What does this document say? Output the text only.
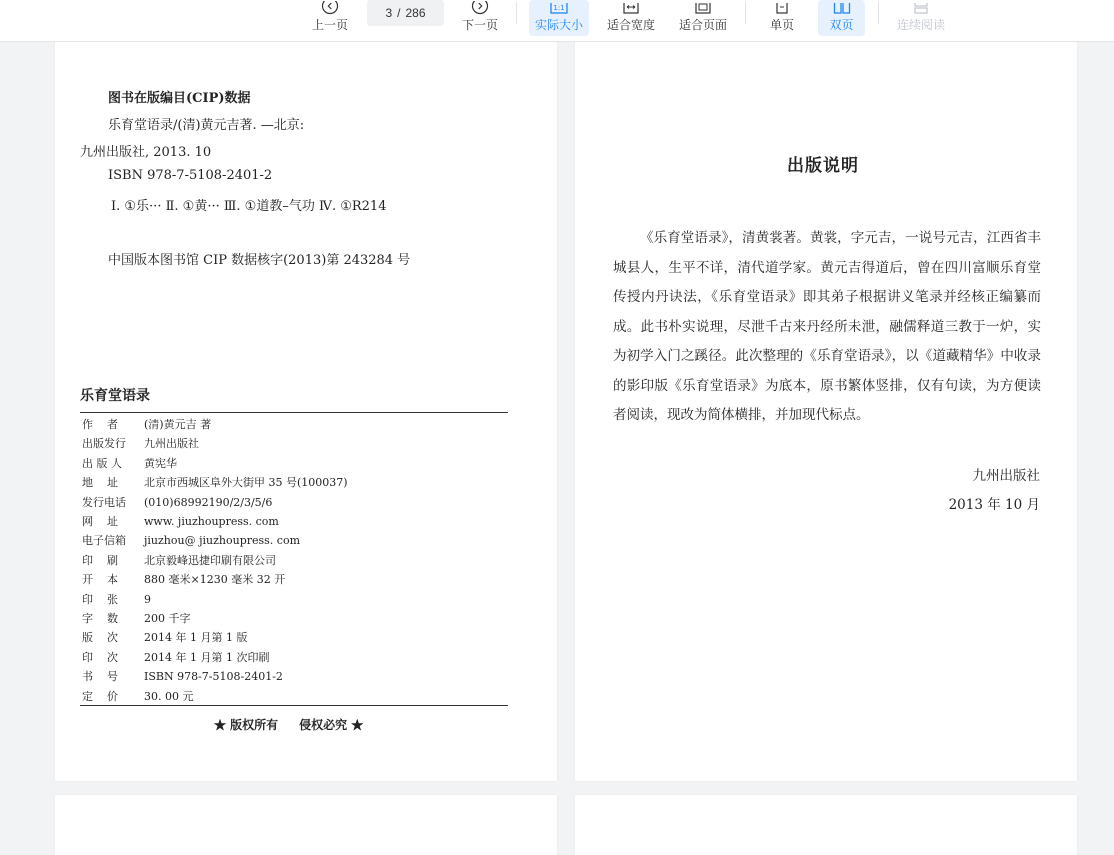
上一页
3 / 286
下一页
1:1
实际大小 适合宽度 适合页面	单页	双页	连续阅读
图书在版编目(CIP)数据
乐育堂语录/(清)黄元吉著. —北京:
九州出版社, 2013. 10
ISBN 978-7-5108-2401-2
Ⅰ. ①乐··· Ⅱ. ①黄··· Ⅲ. ①道教–气功 Ⅳ. ①R214
中国版本图书馆 CIP 数据核字(2013)第 243284 号
乐育堂语录
作    者 (清)黄元吉 著
出版发行 九州出版社
出 版 人 黄宪华
地    址 北京市西城区阜外大街甲 35 号(100037)
发行电话 (010)68992190/2/3/5/6
网    址 www. jiuzhoupress. com
电子信箱 jiuzhou@ jiuzhoupress. com
印    刷 北京毅峰迅捷印刷有限公司
开    本 880 毫米×1230 毫米 32 开
印    张 9
字    数 200 千字
版    次 2014 年 1 月第 1 版
印    次 2014 年 1 月第 1 次印刷
书    号 ISBN 978-7-5108-2401-2
定    价 30. 00 元
★ 版权所有     侵权必究 ★
出版说明
《乐育堂语录》，清黄裳著。黄裳，字元吉，一说号元吉，江西省丰城县人，生平不详，清代道学家。黄元吉得道后，曾在四川富顺乐育堂传授内丹诀法，《乐育堂语录》即其弟子根据讲义笔录并经核正编纂而成。此书朴实说理，尽泄千古来丹经所未泄，融儒释道三教于一炉，实为初学入门之蹊径。此次整理的《乐育堂语录》，以《道藏精华》中收录的影印版《乐育堂语录》为底本，原书繁体竖排，仅有句读，为方便读者阅读，现改为简体横排，并加现代标点。
九州出版社
2013 年 10 月
